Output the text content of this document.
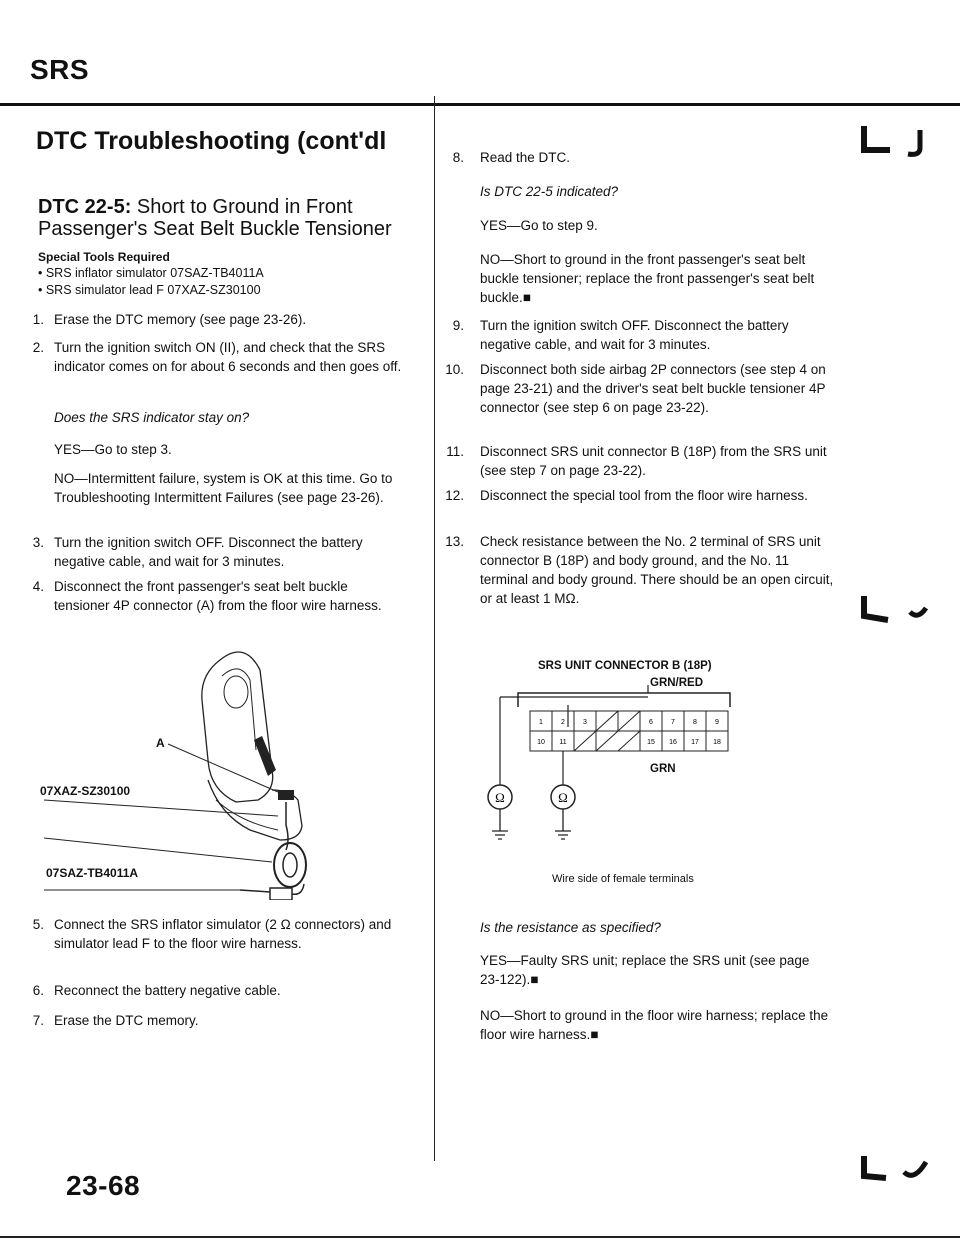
SRS
DTC Troubleshooting (cont'dl
DTC 22-5: Short to Ground in Front
Passenger's Seat Belt Buckle Tensioner
Special Tools Required
• SRS inflator simulator 07SAZ-TB4011A
• SRS simulator lead F 07XAZ-SZ30100
1. Erase the DTC memory (see page 23-26).
2. Turn the ignition switch ON (II), and check that the SRS indicator comes on for about 6 seconds and then goes off.
Does the SRS indicator stay on?
YES—Go to step 3.
NO—Intermittent failure, system is OK at this time. Go to Troubleshooting Intermittent Failures (see page 23-26).
3. Turn the ignition switch OFF. Disconnect the battery negative cable, and wait for 3 minutes.
4. Disconnect the front passenger's seat belt buckle tensioner 4P connector (A) from the floor wire harness.
A
07XAZ-SZ30100
07SAZ-TB4011A
5. Connect the SRS inflator simulator (2 Ω connectors) and simulator lead F to the floor wire harness.
6. Reconnect the battery negative cable.
7. Erase the DTC memory.
8. Read the DTC.
Is DTC 22-5 indicated?
YES—Go to step 9.
NO—Short to ground in the front passenger's seat belt buckle tensioner; replace the front passenger's seat belt buckle.■
9. Turn the ignition switch OFF. Disconnect the battery negative cable, and wait for 3 minutes.
10. Disconnect both side airbag 2P connectors (see step 4 on page 23-21) and the driver's seat belt buckle tensioner 4P connector (see step 6 on page 23-22).
11. Disconnect SRS unit connector B (18P) from the SRS unit (see step 7 on page 23-22).
12. Disconnect the special tool from the floor wire harness.
13. Check resistance between the No. 2 terminal of SRS unit connector B (18P) and body ground, and the No. 11 terminal and body ground. There should be an open circuit, or at least 1 MΩ.
SRS UNIT CONNECTOR B (18P)
1	2	3	6	7	8	9
10 11	15 16 17 18
Ω	Ω
GRN/RED
GRN
Wire side of female terminals
Is the resistance as specified?
YES—Faulty SRS unit; replace the SRS unit (see page 23-122).■
NO—Short to ground in the floor wire harness; replace the floor wire harness.■
23-68
